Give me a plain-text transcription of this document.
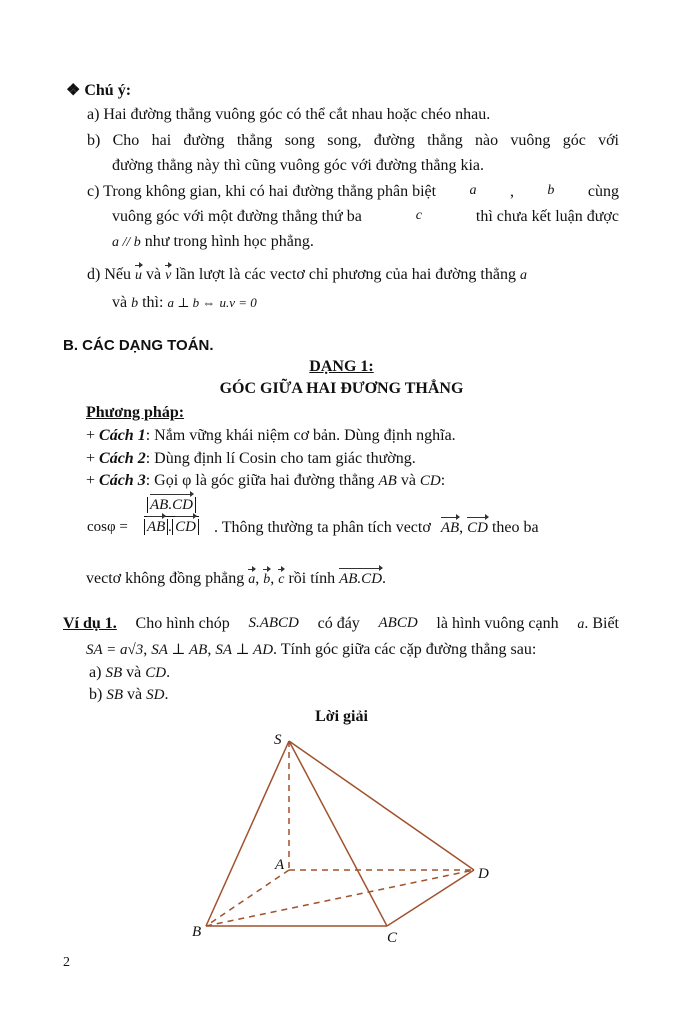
❖ Chú ý:
a) Hai đường thẳng vuông góc có thể cắt nhau hoặc chéo nhau.
b) Cho hai đường thẳng song song, đường thẳng nào vuông góc với
đường thẳng này thì cũng vuông góc với đường thẳng kia.
c) Trong không gian, khi có hai đường thẳng phân biệt a , b cùng
vuông góc với một đường thẳng thứ ba	c	thì chưa kết luận được
a // b như trong hình học phẳng.
d) Nếu u và v lần lượt là các vectơ chỉ phương của hai đường thẳng a
và b thì: a ⊥ b ⇔ u.v = 0
B. CÁC DẠNG TOÁN.
DẠNG 1:
GÓC GIỮA HAI ĐƯƠNG THẲNG
Phương pháp:
+ Cách 1: Nắm vững khái niệm cơ bản. Dùng định nghĩa.
+ Cách 2: Dùng định lí Cosin cho tam giác thường.
+ Cách 3: Gọi φ là góc giữa hai đường thẳng AB và CD:
$\cos\varphi = \frac{AB.CD}{AB . CD}$ . Thông thường ta phân tích vectơ AB, CD theo ba
vectơ không đồng phẳng a, b, c rồi tính AB.CD.
Ví dụ 1. Cho hình chóp S.ABCD có đáy ABCD là hình vuông cạnh a. Biết
SA = a√3, SA ⊥ AB, SA ⊥ AD. Tính góc giữa các cặp đường thẳng sau:
a) SB và CD.
b) SB và SD.
Lời giải
S
A
B	C
D
2
